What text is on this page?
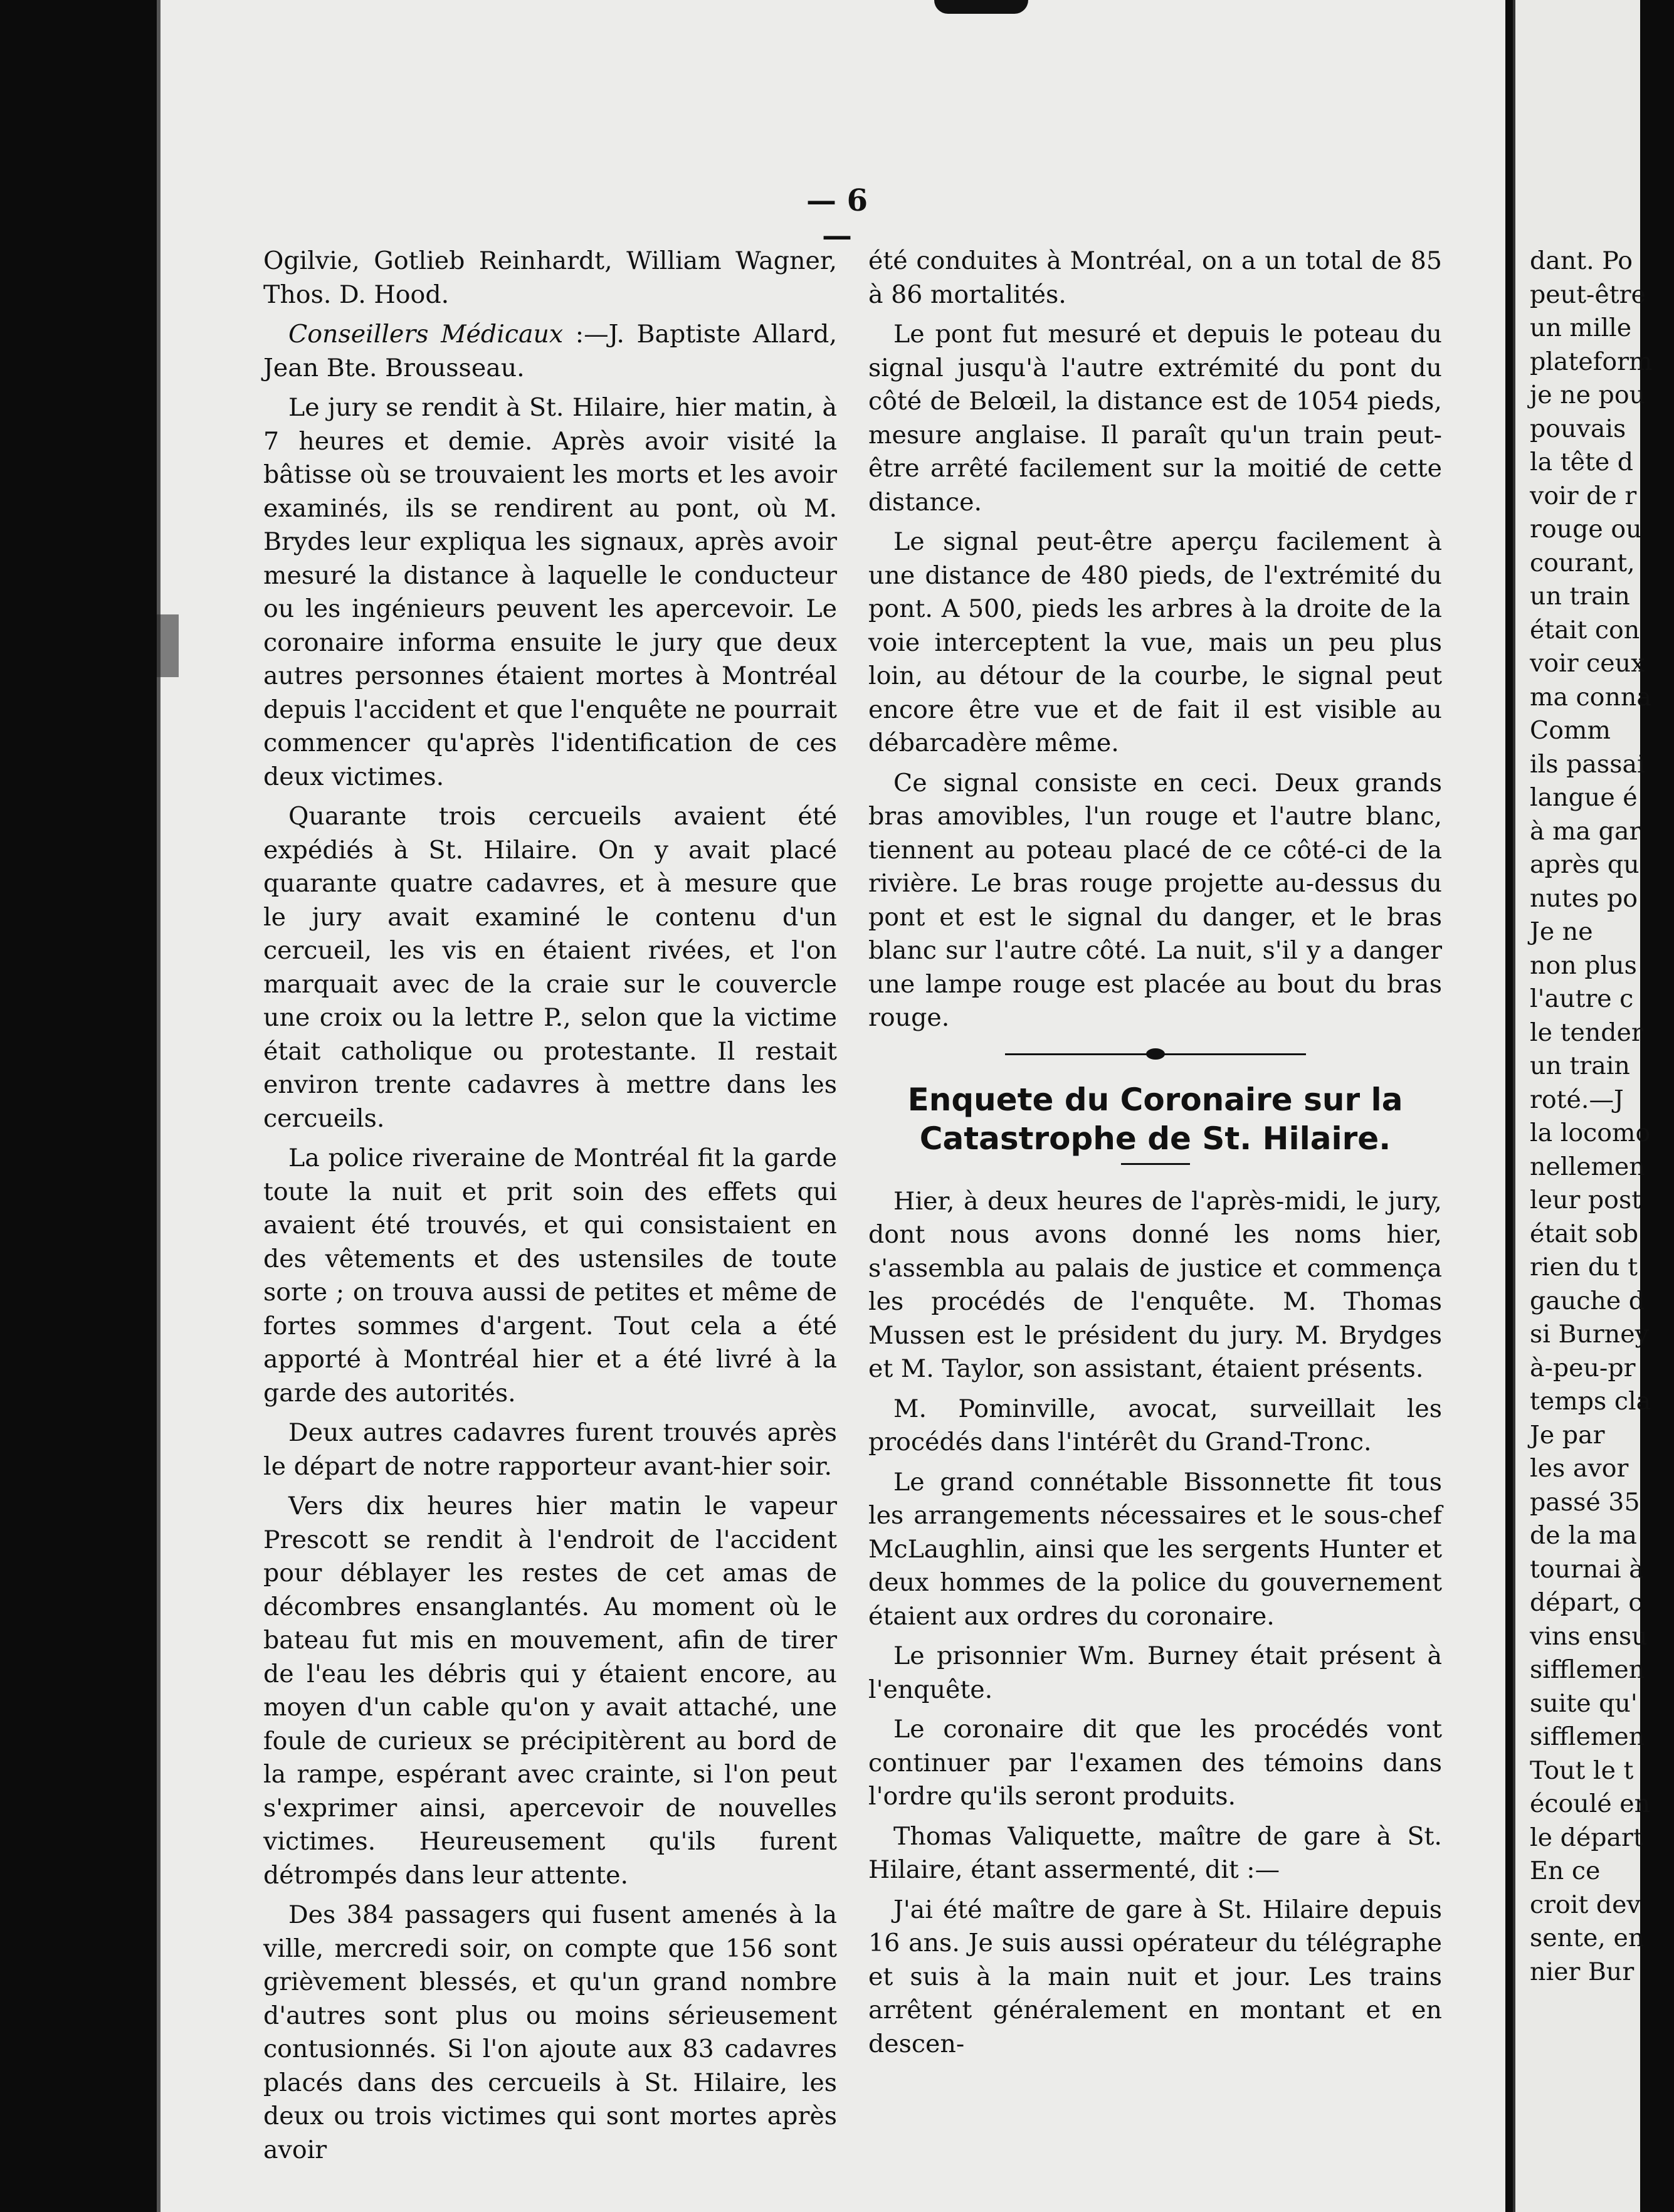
— 6 —

Ogilvie, Gotlieb Reinhardt, William Wagner, Thos. D. Hood.

Conseillers Médicaux :—J. Baptiste Allard, Jean Bte. Brousseau.

Le jury se rendit à St. Hilaire, hier matin, à 7 heures et demie. Après avoir visité la bâtisse où se trouvaient les morts et les avoir examinés, ils se rendirent au pont, où M. Brydes leur expliqua les signaux, après avoir mesuré la distance à laquelle le conducteur ou les ingénieurs peuvent les apercevoir. Le coronaire informa ensuite le jury que deux autres personnes étaient mortes à Montréal depuis l'accident et que l'enquête ne pourrait commencer qu'après l'identification de ces deux victimes.

Quarante trois cercueils avaient été expédiés à St. Hilaire. On y avait placé quarante quatre cadavres, et à mesure que le jury avait examiné le contenu d'un cercueil, les vis en étaient rivées, et l'on marquait avec de la craie sur le couvercle une croix ou la lettre P., selon que la victime était catholique ou protestante. Il restait environ trente cadavres à mettre dans les cercueils.

La police riveraine de Montréal fit la garde toute la nuit et prit soin des effets qui avaient été trouvés, et qui consistaient en des vêtements et des ustensiles de toute sorte ; on trouva aussi de petites et même de fortes sommes d'argent. Tout cela a été apporté à Montréal hier et a été livré à la garde des autorités.

Deux autres cadavres furent trouvés après le départ de notre rapporteur avant-hier soir.

Vers dix heures hier matin le vapeur Prescott se rendit à l'endroit de l'accident pour déblayer les restes de cet amas de décombres ensanglantés. Au moment où le bateau fut mis en mouvement, afin de tirer de l'eau les débris qui y étaient encore, au moyen d'un cable qu'on y avait attaché, une foule de curieux se précipitèrent au bord de la rampe, espérant avec crainte, si l'on peut s'exprimer ainsi, apercevoir de nouvelles victimes. Heureusement qu'ils furent détrompés dans leur attente.

Des 384 passagers qui fusent amenés à la ville, mercredi soir, on compte que 156 sont grièvement blessés, et qu'un grand nombre d'autres sont plus ou moins sérieusement contusionnés. Si l'on ajoute aux 83 cadavres placés dans des cercueils à St. Hilaire, les deux ou trois victimes qui sont mortes après avoir

été conduites à Montréal, on a un total de 85 à 86 mortalités.

Le pont fut mesuré et depuis le poteau du signal jusqu'à l'autre extrémité du pont du côté de Belœil, la distance est de 1054 pieds, mesure anglaise. Il paraît qu'un train peut-être arrêté facilement sur la moitié de cette distance.

Le signal peut-être aperçu facilement à une distance de 480 pieds, de l'extrémité du pont. A 500, pieds les arbres à la droite de la voie interceptent la vue, mais un peu plus loin, au détour de la courbe, le signal peut encore être vue et de fait il est visible au débarcadère même.

Ce signal consiste en ceci. Deux grands bras amovibles, l'un rouge et l'autre blanc, tiennent au poteau placé de ce côté-ci de la rivière. Le bras rouge projette au-dessus du pont et est le signal du danger, et le bras blanc sur l'autre côté. La nuit, s'il y a danger une lampe rouge est placée au bout du bras rouge.

Enquete du Coronaire sur la Catastrophe de St. Hilaire.

Hier, à deux heures de l'après-midi, le jury, dont nous avons donné les noms hier, s'assembla au palais de justice et commença les procédés de l'enquête. M. Thomas Mussen est le président du jury. M. Brydges et M. Taylor, son assistant, étaient présents.

M. Pominville, avocat, surveillait les procédés dans l'intérêt du Grand-Tronc.

Le grand connétable Bissonnette fit tous les arrangements nécessaires et le sous-chef McLaughlin, ainsi que les sergents Hunter et deux hommes de la police du gouvernement étaient aux ordres du coronaire.

Le prisonnier Wm. Burney était présent à l'enquête.

Le coronaire dit que les procédés vont continuer par l'examen des témoins dans l'ordre qu'ils seront produits.

Thomas Valiquette, maître de gare à St. Hilaire, étant assermenté, dit :—

J'ai été maître de gare à St. Hilaire depuis 16 ans. Je suis aussi opérateur du télégraphe et suis à la main nuit et jour. Les trains arrêtent généralement en montant et en descen-

dant. Po
peut-être
un mille
plateform
je ne pou
pouvais
la tête d
voir de r
rouge ou
courant,
un train
était con
voir ceux
ma conna
Comm
ils passai
langue é
à ma gar
après qu
nutes po
Je ne
non plus
l'autre c
le tender
un train
roté.—J
la locomo
nellemen
leur post
était sob
rien du t
gauche d
si Burney
à-peu-pr
temps cla
Je par
les avor
passé 35
de la ma
tournai à
départ, c
vins ensu
sifflemen
suite qu'
sifflemen
Tout le t
écoulé en
le départ
En ce
croit dev
sente, en
nier Bur
